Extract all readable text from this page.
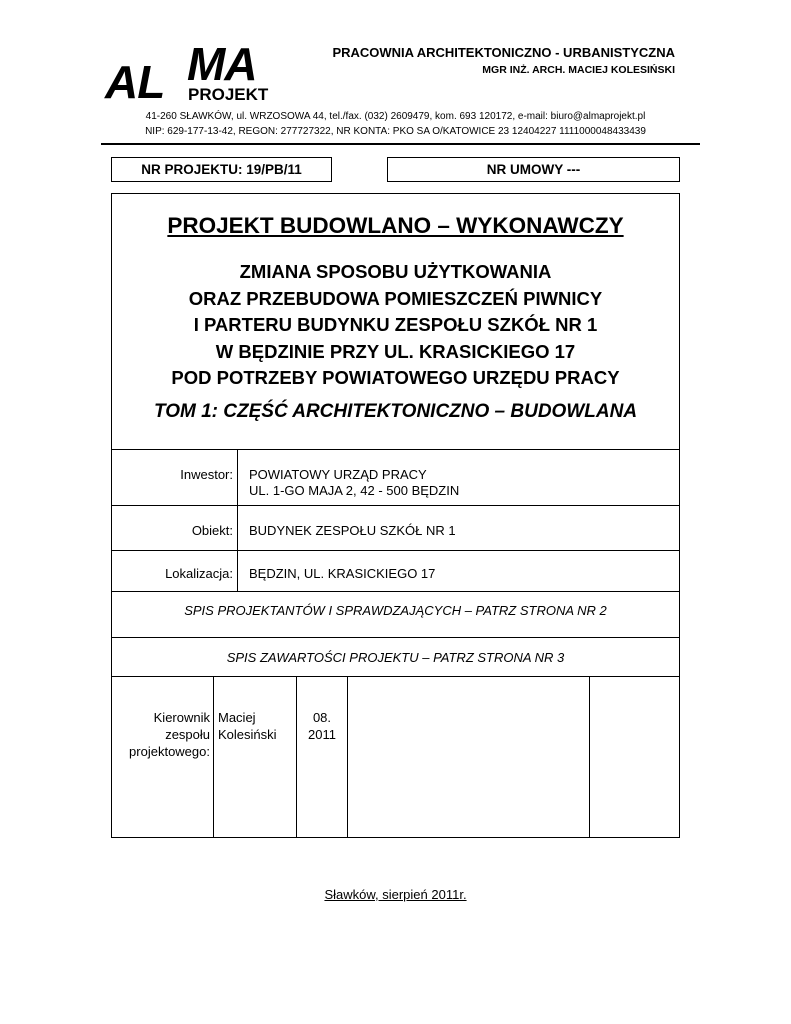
AL MA
PROJEKT
PRACOWNIA ARCHITEKTONICZNO - URBANISTYCZNA
MGR INŻ. ARCH. MACIEJ KOLESIŃSKI
41-260 SŁAWKÓW, ul. WRZOSOWA 44, tel./fax. (032) 2609479, kom. 693 120172, e-mail: biuro@almaprojekt.pl
NIP: 629-177-13-42, REGON: 277727322, NR KONTA: PKO SA O/KATOWICE 23 12404227 1111000048433439
NR PROJEKTU: 19/PB/11	NR UMOWY ---
PROJEKT BUDOWLANO – WYKONAWCZY
ZMIANA SPOSOBU UŻYTKOWANIA
ORAZ PRZEBUDOWA POMIESZCZEŃ PIWNICY
I PARTERU BUDYNKU ZESPOŁU SZKÓŁ NR 1
W BĘDZINIE PRZY UL. KRASICKIEGO 17
POD POTRZEBY POWIATOWEGO URZĘDU PRACY
TOM 1: CZĘŚĆ ARCHITEKTONICZNO – BUDOWLANA
Inwestor: POWIATOWY URZĄD PRACY
UL. 1-GO MAJA 2, 42 - 500 BĘDZIN
Obiekt: BUDYNEK ZESPOŁU SZKÓŁ NR 1
Lokalizacja: BĘDZIN, UL. KRASICKIEGO 17
SPIS PROJEKTANTÓW I SPRAWDZAJĄCYCH – PATRZ STRONA NR 2
SPIS ZAWARTOŚCI PROJEKTU – PATRZ STRONA NR 3
Kierownik
zespołu
projektowego:
Maciej
Kolesiński
08.
2011
Sławków, sierpień 2011r.
